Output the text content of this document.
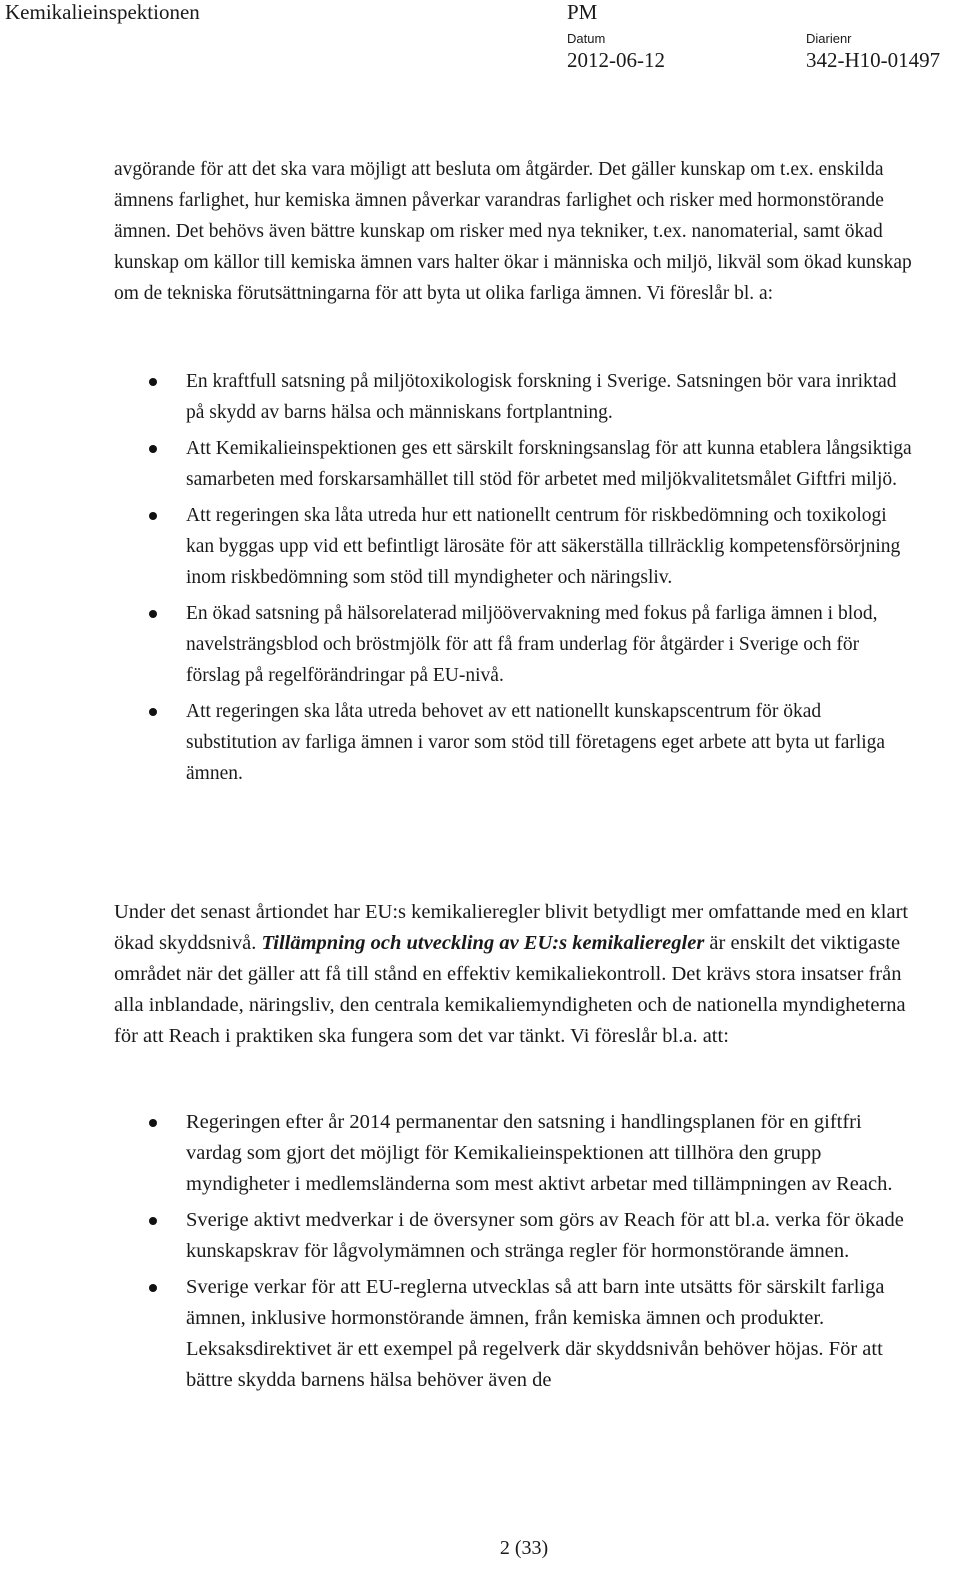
Kemikalieinspektionen	PM
Datum
2012-06-12
Diarienr
342-H10-01497

avgörande för att det ska vara möjligt att besluta om åtgärder. Det gäller kunskap om t.ex. enskilda ämnens farlighet, hur kemiska ämnen påverkar varandras farlighet och risker med hormonstörande ämnen. Det behövs även bättre kunskap om risker med nya tekniker, t.ex. nanomaterial, samt ökad kunskap om källor till kemiska ämnen vars halter ökar i människa och miljö, likväl som ökad kunskap om de tekniska förutsättningarna för att byta ut olika farliga ämnen. Vi föreslår bl. a:

En kraftfull satsning på miljötoxikologisk forskning i Sverige. Satsningen bör vara inriktad på skydd av barns hälsa och människans fortplantning.
Att Kemikalieinspektionen ges ett särskilt forskningsanslag för att kunna etablera långsiktiga samarbeten med forskarsamhället till stöd för arbetet med miljökvalitetsmålet Giftfri miljö.
Att regeringen ska låta utreda hur ett nationellt centrum för riskbedömning och toxikologi kan byggas upp vid ett befintligt lärosäte för att säkerställa tillräcklig kompetensförsörjning inom riskbedömning som stöd till myndigheter och näringsliv.
En ökad satsning på hälsorelaterad miljöövervakning med fokus på farliga ämnen i blod, navelsträngsblod och bröstmjölk för att få fram underlag för åtgärder i Sverige och för förslag på regelförändringar på EU-nivå.
Att regeringen ska låta utreda behovet av ett nationellt kunskapscentrum för ökad substitution av farliga ämnen i varor som stöd till företagens eget arbete att byta ut farliga ämnen.

Under det senast årtiondet har EU:s kemikalieregler blivit betydligt mer omfattande med en klart ökad skyddsnivå. Tillämpning och utveckling av EU:s kemikalieregler är enskilt det viktigaste området när det gäller att få till stånd en effektiv kemikaliekontroll. Det krävs stora insatser från alla inblandade, näringsliv, den centrala kemikaliemyndigheten och de nationella myndigheterna för att Reach i praktiken ska fungera som det var tänkt. Vi föreslår bl.a. att:

Regeringen efter år 2014 permanentar den satsning i handlingsplanen för en giftfri vardag som gjort det möjligt för Kemikalieinspektionen att tillhöra den grupp myndigheter i medlemsländerna som mest aktivt arbetar med tillämpningen av Reach.
Sverige aktivt medverkar i de översyner som görs av Reach för att bl.a. verka för ökade kunskapskrav för lågvolymämnen och stränga regler för hormonstörande ämnen.
Sverige verkar för att EU-reglerna utvecklas så att barn inte utsätts för särskilt farliga ämnen, inklusive hormonstörande ämnen, från kemiska ämnen och produkter. Leksaksdirektivet är ett exempel på regelverk där skyddsnivån behöver höjas. För att bättre skydda barnens hälsa behöver även de
2 (33)
